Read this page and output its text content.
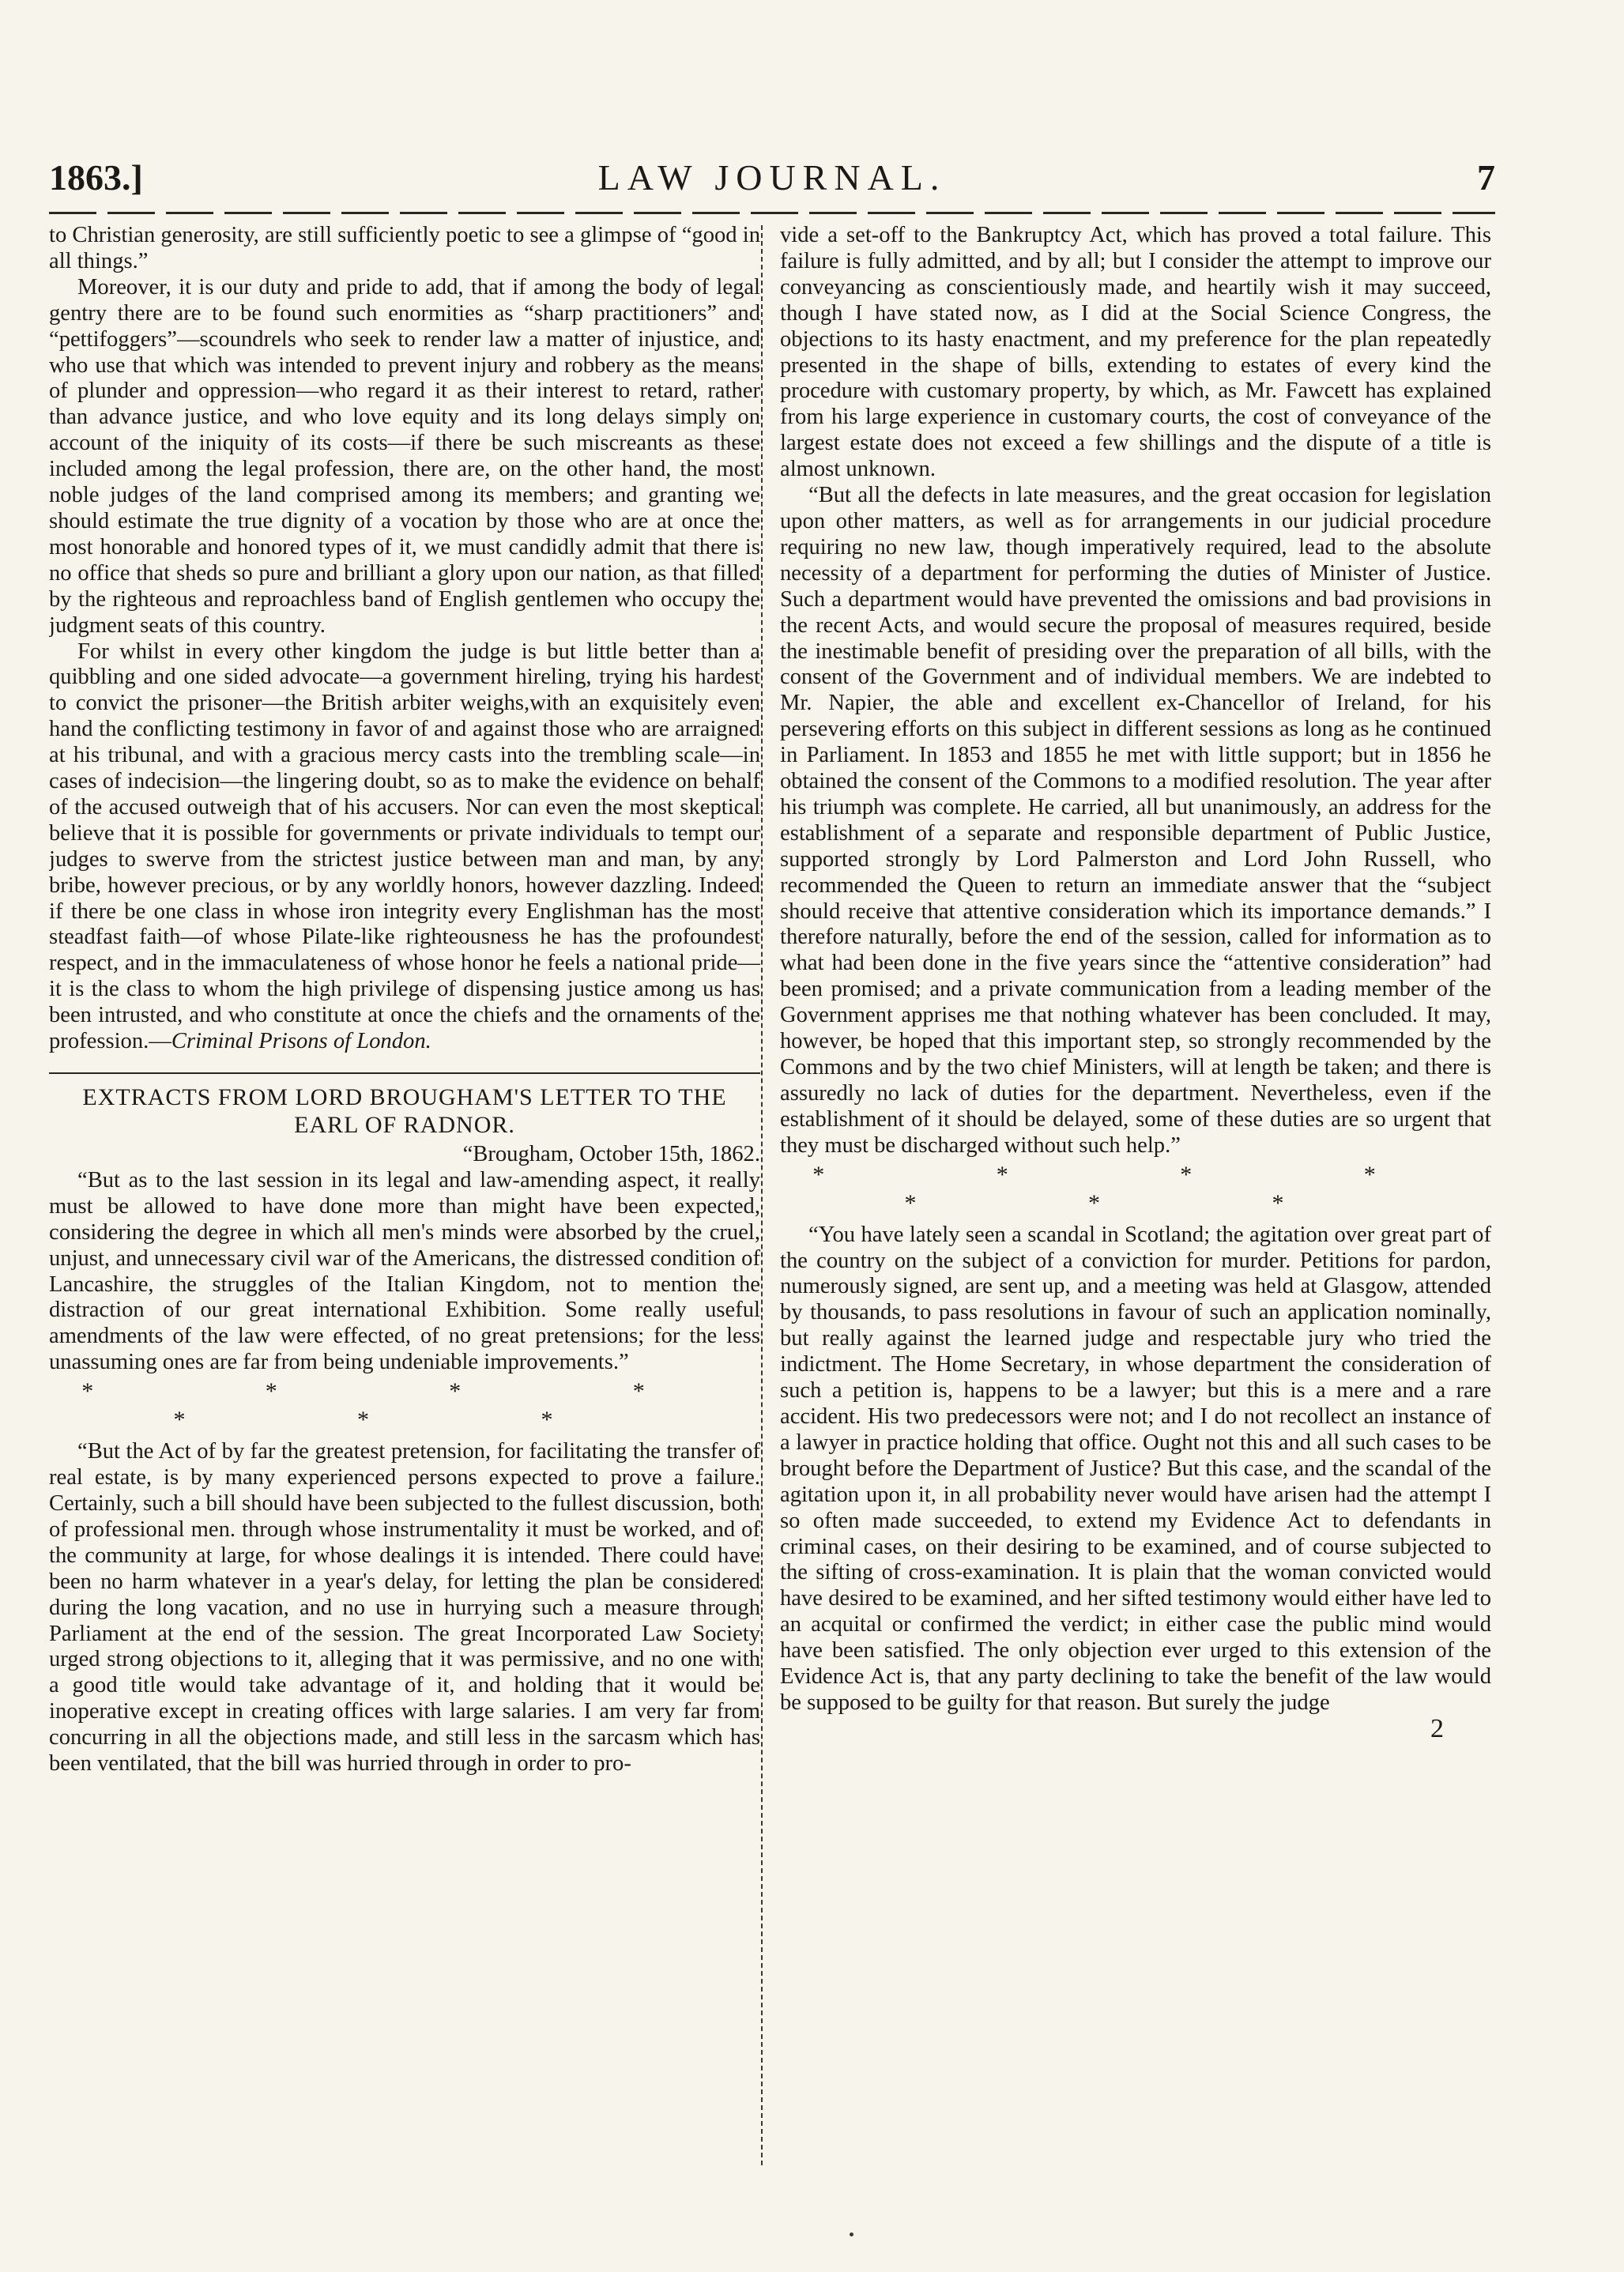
1863.]	LAW JOURNAL.	7

to Christian generosity, are still sufficiently poetic to see a glimpse of “good in all things.”

Moreover, it is our duty and pride to add, that if among the body of legal gentry there are to be found such enormities as “sharp practitioners” and “pettifoggers”—scoundrels who seek to render law a matter of injustice, and who use that which was intended to prevent injury and robbery as the means of plunder and oppression—who regard it as their interest to retard, rather than advance justice, and who love equity and its long delays simply on account of the iniquity of its costs—if there be such miscreants as these included among the legal profession, there are, on the other hand, the most noble judges of the land comprised among its members; and granting we should estimate the true dignity of a vocation by those who are at once the most honorable and honored types of it, we must candidly admit that there is no office that sheds so pure and brilliant a glory upon our nation, as that filled by the righteous and reproachless band of English gentlemen who occupy the judgment seats of this country.

For whilst in every other kingdom the judge is but little better than a quibbling and one sided advocate—a government hireling, trying his hardest to convict the prisoner—the British arbiter weighs,with an exquisitely even hand the conflicting testimony in favor of and against those who are arraigned at his tribunal, and with a gracious mercy casts into the trembling scale—in cases of indecision—the lingering doubt, so as to make the evidence on behalf of the accused outweigh that of his accusers. Nor can even the most skeptical believe that it is possible for governments or private individuals to tempt our judges to swerve from the strictest justice between man and man, by any bribe, however precious, or by any worldly honors, however dazzling. Indeed if there be one class in whose iron integrity every Englishman has the most steadfast faith—of whose Pilate-like righteousness he has the profoundest respect, and in the immaculateness of whose honor he feels a national pride—it is the class to whom the high privilege of dispensing justice among us has been intrusted, and who constitute at once the chiefs and the ornaments of the profession.—Criminal Prisons of London.

EXTRACTS FROM LORD BROUGHAM'S LETTER TO THE EARL OF RADNOR.

“Brougham, October 15th, 1862.

“But as to the last session in its legal and law-amending aspect, it really must be allowed to have done more than might have been expected, considering the degree in which all men's minds were absorbed by the cruel, unjust, and unnecessary civil war of the Americans, the distressed condition of Lancashire, the struggles of the Italian Kingdom, not to mention the distraction of our great international Exhibition. Some really useful amendments of the law were effected, of no great pretensions; for the less unassuming ones are far from being undeniable improvements.”

* * * * * * *

“But the Act of by far the greatest pretension, for facilitating the transfer of real estate, is by many experienced persons expected to prove a failure. Certainly, such a bill should have been subjected to the fullest discussion, both of professional men. through whose instrumentality it must be worked, and of the community at large, for whose dealings it is intended. There could have been no harm whatever in a year's delay, for letting the plan be considered during the long vacation, and no use in hurrying such a measure through Parliament at the end of the session. The great Incorporated Law Society urged strong objections to it, alleging that it was permissive, and no one with a good title would take advantage of it, and holding that it would be inoperative except in creating offices with large salaries. I am very far from concurring in all the objections made, and still less in the sarcasm which has been ventilated, that the bill was hurried through in order to pro-

vide a set-off to the Bankruptcy Act, which has proved a total failure. This failure is fully admitted, and by all; but I consider the attempt to improve our conveyancing as conscientiously made, and heartily wish it may succeed, though I have stated now, as I did at the Social Science Congress, the objections to its hasty enactment, and my preference for the plan repeatedly presented in the shape of bills, extending to estates of every kind the procedure with customary property, by which, as Mr. Fawcett has explained from his large experience in customary courts, the cost of conveyance of the largest estate does not exceed a few shillings and the dispute of a title is almost unknown.

“But all the defects in late measures, and the great occasion for legislation upon other matters, as well as for arrangements in our judicial procedure requiring no new law, though imperatively required, lead to the absolute necessity of a department for performing the duties of Minister of Justice. Such a department would have prevented the omissions and bad provisions in the recent Acts, and would secure the proposal of measures required, beside the inestimable benefit of presiding over the preparation of all bills, with the consent of the Government and of individual members. We are indebted to Mr. Napier, the able and excellent ex-Chancellor of Ireland, for his persevering efforts on this subject in different sessions as long as he continued in Parliament. In 1853 and 1855 he met with little support; but in 1856 he obtained the consent of the Commons to a modified resolution. The year after his triumph was complete. He carried, all but unanimously, an address for the establishment of a separate and responsible department of Public Justice, supported strongly by Lord Palmerston and Lord John Russell, who recommended the Queen to return an immediate answer that the “subject should receive that attentive consideration which its importance demands.” I therefore naturally, before the end of the session, called for information as to what had been done in the five years since the “attentive consideration” had been promised; and a private communication from a leading member of the Government apprises me that nothing whatever has been concluded. It may, however, be hoped that this important step, so strongly recommended by the Commons and by the two chief Ministers, will at length be taken; and there is assuredly no lack of duties for the department. Nevertheless, even if the establishment of it should be delayed, some of these duties are so urgent that they must be discharged without such help.”

* * * * * * *

“You have lately seen a scandal in Scotland; the agitation over great part of the country on the subject of a conviction for murder. Petitions for pardon, numerously signed, are sent up, and a meeting was held at Glasgow, attended by thousands, to pass resolutions in favour of such an application nominally, but really against the learned judge and respectable jury who tried the indictment. The Home Secretary, in whose department the consideration of such a petition is, happens to be a lawyer; but this is a mere and a rare accident. His two predecessors were not; and I do not recollect an instance of a lawyer in practice holding that office. Ought not this and all such cases to be brought before the Department of Justice? But this case, and the scandal of the agitation upon it, in all probability never would have arisen had the attempt I so often made succeeded, to extend my Evidence Act to defendants in criminal cases, on their desiring to be examined, and of course subjected to the sifting of cross-examination. It is plain that the woman convicted would have desired to be examined, and her sifted testimony would either have led to an acquital or confirmed the verdict; in either case the public mind would have been satisfied. The only objection ever urged to this extension of the Evidence Act is, that any party declining to take the benefit of the law would be supposed to be guilty for that reason. But surely the judge

2
